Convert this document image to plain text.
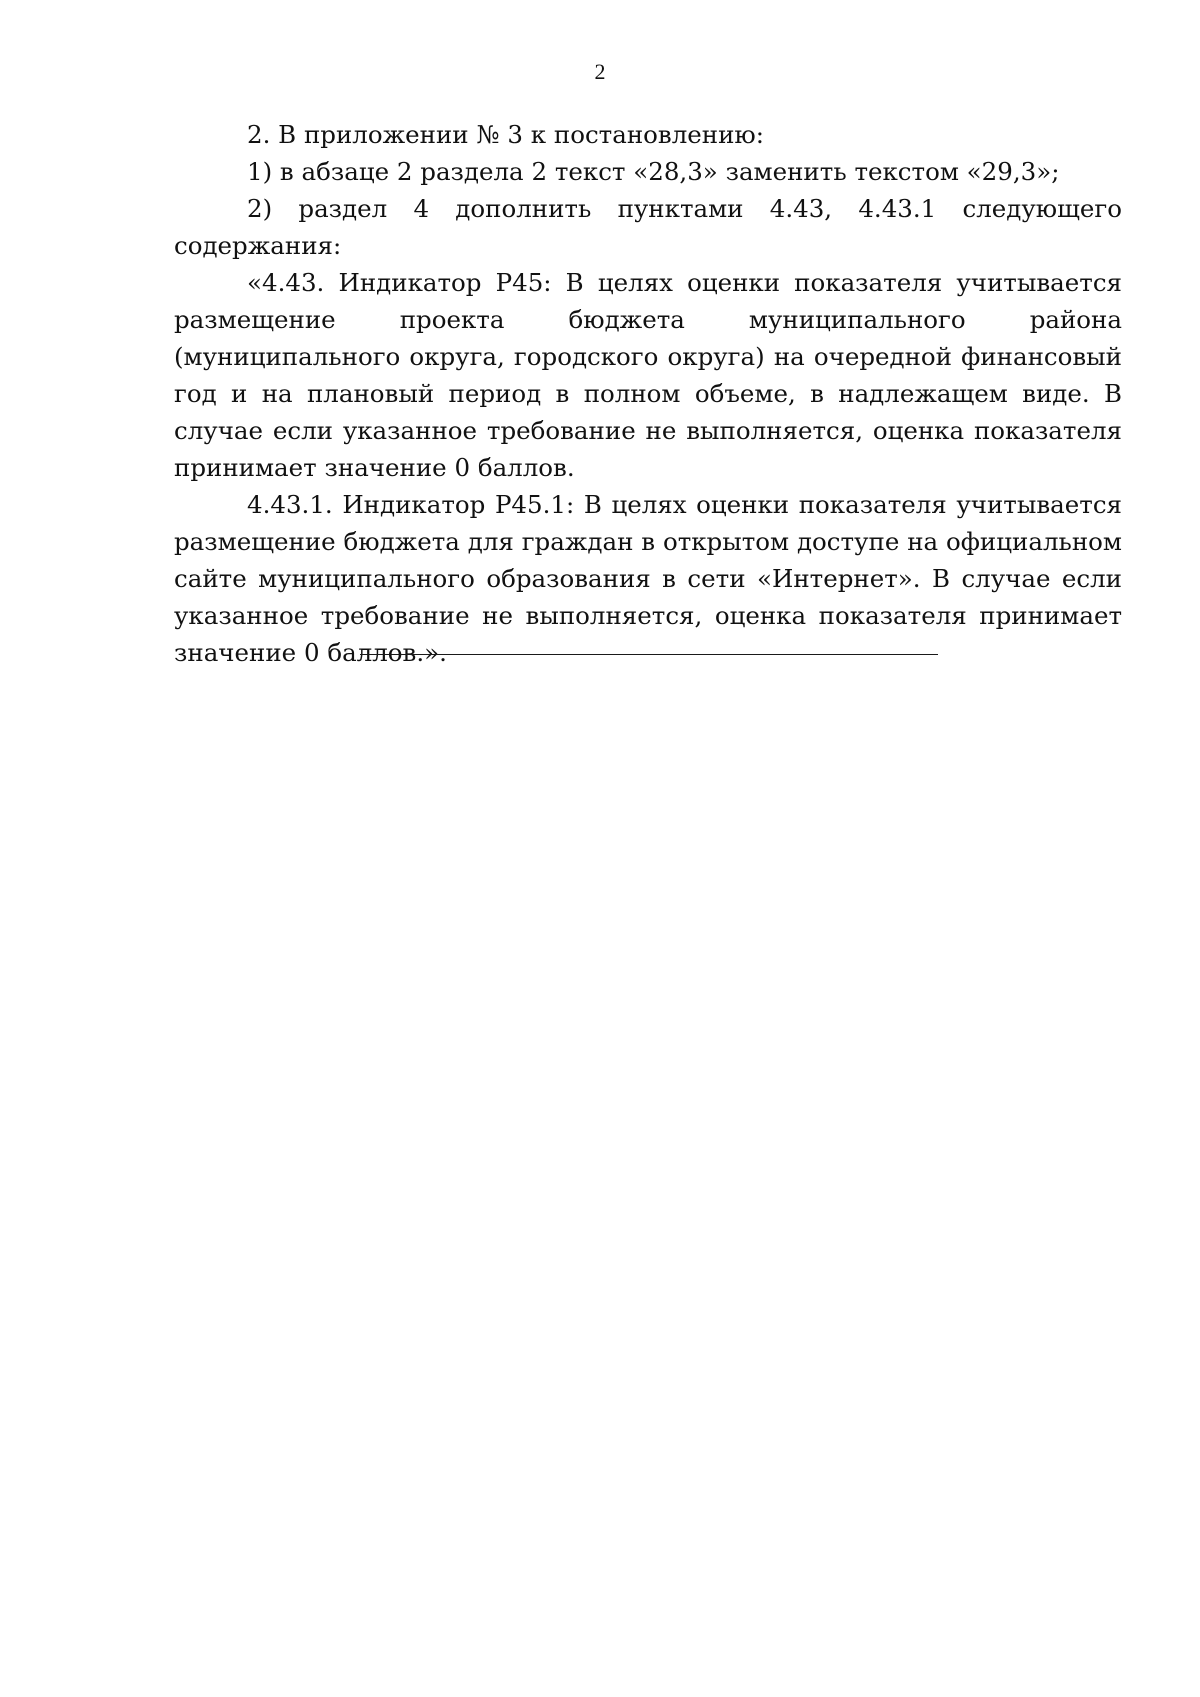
2

2. В приложении № 3 к постановлению:

1) в абзаце 2 раздела 2 текст «28,3» заменить текстом «29,3»;

2) раздел 4 дополнить пунктами 4.43, 4.43.1 следующего содержания:

«4.43. Индикатор P45: В целях оценки показателя учитывается размещение проекта бюджета муниципального района (муниципального округа, городского округа) на очередной финансовый год и на плановый период в полном объеме, в надлежащем виде. В случае если указанное требование не выполняется, оценка показателя принимает значение 0 баллов.

4.43.1. Индикатор P45.1: В целях оценки показателя учитывается размещение бюджета для граждан в открытом доступе на официальном сайте муниципального образования в сети «Интернет». В случае если указанное требование не выполняется, оценка показателя принимает значение 0 баллов.».
